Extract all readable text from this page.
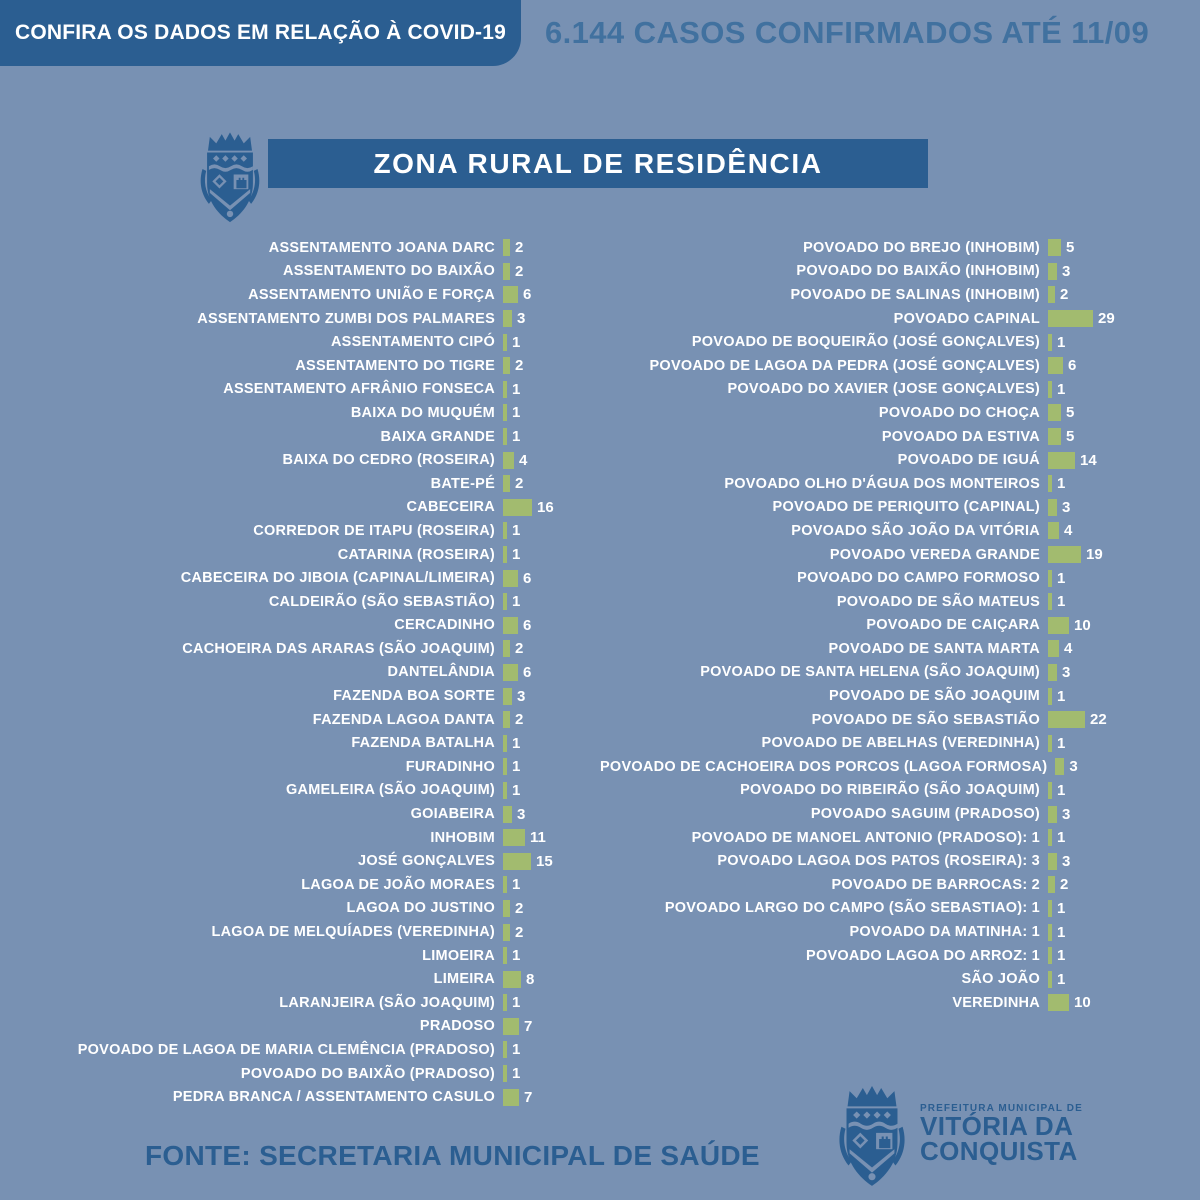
CONFIRA OS DADOS EM RELAÇÃO À COVID-19 6.144 CASOS CONFIRMADOS ATÉ 11/09
ZONA RURAL DE RESIDÊNCIA
ASSENTAMENTO JOANA DARC 2
ASSENTAMENTO DO BAIXÃO 2
ASSENTAMENTO UNIÃO E FORÇA 6
ASSENTAMENTO ZUMBI DOS PALMARES 3
ASSENTAMENTO CIPÓ 1
ASSENTAMENTO DO TIGRE 2
ASSENTAMENTO AFRÂNIO FONSECA 1
BAIXA DO MUQUÉM 1
BAIXA GRANDE 1
BAIXA DO CEDRO (ROSEIRA) 4
BATE-PÉ 2
CABECEIRA	16
CORREDOR DE ITAPU (ROSEIRA) 1
CATARINA (ROSEIRA) 1
CABECEIRA DO JIBOIA (CAPINAL/LIMEIRA) 6
CALDEIRÃO (SÃO SEBASTIÃO) 1
CERCADINHO 6
CACHOEIRA DAS ARARAS (SÃO JOAQUIM) 2
DANTELÂNDIA 6
FAZENDA BOA SORTE 3
FAZENDA LAGOA DANTA 2
FAZENDA BATALHA 1
FURADINHO 1
GAMELEIRA (SÃO JOAQUIM) 1
GOIABEIRA 3
INHOBIM 11
JOSÉ GONÇALVES	15
LAGOA DE JOÃO MORAES 1
LAGOA DO JUSTINO 2
LAGOA DE MELQUÍADES (VEREDINHA) 2
LIMOEIRA 1
LIMEIRA 8
LARANJEIRA (SÃO JOAQUIM) 1
PRADOSO 7
POVOADO DE LAGOA DE MARIA CLEMÊNCIA (PRADOSO) 1
POVOADO DO BAIXÃO (PRADOSO) 1
PEDRA BRANCA / ASSENTAMENTO CASULO 7
POVOADO DO BREJO (INHOBIM) 5
POVOADO DO BAIXÃO (INHOBIM) 3
POVOADO DE SALINAS (INHOBIM) 2
POVOADO CAPINAL	29
POVOADO DE BOQUEIRÃO (JOSÉ GONÇALVES) 1
POVOADO DE LAGOA DA PEDRA (JOSÉ GONÇALVES) 6
POVOADO DO XAVIER (JOSE GONÇALVES) 1
POVOADO DO CHOÇA 5
POVOADO DA ESTIVA 5
POVOADO DE IGUÁ	14
POVOADO OLHO D'ÁGUA DOS MONTEIROS 1
POVOADO DE PERIQUITO (CAPINAL) 3
POVOADO SÃO JOÃO DA VITÓRIA 4
POVOADO VEREDA GRANDE	19
POVOADO DO CAMPO FORMOSO 1
POVOADO DE SÃO MATEUS 1
POVOADO DE CAIÇARA 10
POVOADO DE SANTA MARTA 4
POVOADO DE SANTA HELENA (SÃO JOAQUIM) 3
POVOADO DE SÃO JOAQUIM 1
POVOADO DE SÃO SEBASTIÃO	22
POVOADO DE ABELHAS (VEREDINHA) 1
POVOADO DE CACHOEIRA DOS PORCOS (LAGOA FORMOSA) 3
POVOADO DO RIBEIRÃO (SÃO JOAQUIM) 1
POVOADO SAGUIM (PRADOSO) 3
POVOADO DE MANOEL ANTONIO (PRADOSO): 1 1
POVOADO LAGOA DOS PATOS (ROSEIRA): 3 3
POVOADO DE BARROCAS: 2 2
POVOADO LARGO DO CAMPO (SÃO SEBASTIAO): 1 1
POVOADO DA MATINHA: 1 1
POVOADO LAGOA DO ARROZ: 1 1
SÃO JOÃO 1
VEREDINHA 10
FONTE: SECRETARIA MUNICIPAL DE SAÚDE
PREFEITURA MUNICIPAL DE
VITÓRIA DA
CONQUISTA
